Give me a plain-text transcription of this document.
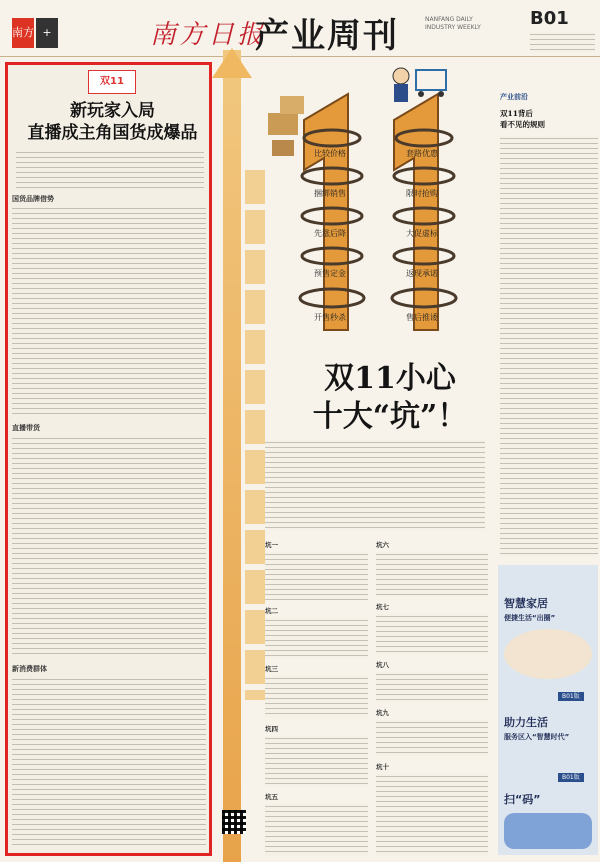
南方 +	南方日报
产业周刊	NANFANG DAILY INDUSTRY WEEKLY	B01
双11
新玩家入局
直播成主角国货成爆品
国货品牌借势
直播带货
新消费群体
比较价格
捆绑销售
先涨后降
预售定金
开售秒杀
套路优惠
限时抢购
大促虚标
返现承诺
售后推诿
双11小心
十大“坑”！
坑一
坑二
坑三
坑四
坑五
坑六
坑七
坑八
坑九
坑十
产业前沿
双11背后
看不见的规则
智慧家居
便捷生活“出圈”
B01版
助力生活
服务区入“智慧时代”
B01版
扫“码”
